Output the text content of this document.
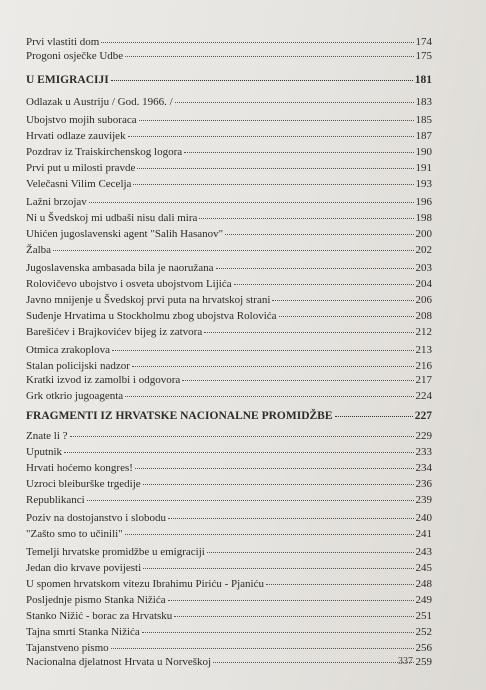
Prvi vlastiti dom	174
Progoni osječke Udbe	175
U EMIGRACIJI	181
Odlazak u Austriju / God. 1966. /	183
Ubojstvo mojih suboraca	185
Hrvati odlaze zauvijek	187
Pozdrav iz Traiskirchenskog logora	190
Prvi put u milosti pravde	191
Velečasni Vilim Cecelja	193
Lažni brzojav	196
Ni u Švedskoj mi udbaši nisu dali mira	198
Uhićen jugoslavenski agent "Salih Hasanov"	200
Žalba	202
Jugoslavenska ambasada bila je naoružana	203
Rolovičevo ubojstvo i osveta ubojstvom Lijića	204
Javno mnijenje u Švedskoj prvi puta na hrvatskoj strani	206
Suđenje Hrvatima u Stockholmu zbog ubojstva Rolovića	208
Barešićev i Brajkovićev bijeg iz zatvora	212
Otmica zrakoplova	213
Stalan policijski nadzor	216
Kratki izvod iz zamolbi i odgovora	217
Grk otkrio jugoagenta	224
FRAGMENTI IZ HRVATSKE NACIONALNE PROMIDŽBE	227
Znate li ?	229
Uputnik	233
Hrvati hoćemo kongres!	234
Uzroci bleiburške trgedije	236
Republikanci	239
Poziv na dostojanstvo i slobodu	240
"Zašto smo to učinili"	241
Temelji hrvatske promidžbe u emigraciji	243
Jedan dio krvave povijesti	245
U spomen hrvatskom vitezu Ibrahimu Piriću - Pjaniću	248
Posljednje pismo Stanka Nižića	249
Stanko Nižić - borac za Hrvatsku	251
Tajna smrti Stanka Nižića	252
Tajanstveno pismo	256
Nacionalna djelatnost Hrvata u Norveškoj	259
337
